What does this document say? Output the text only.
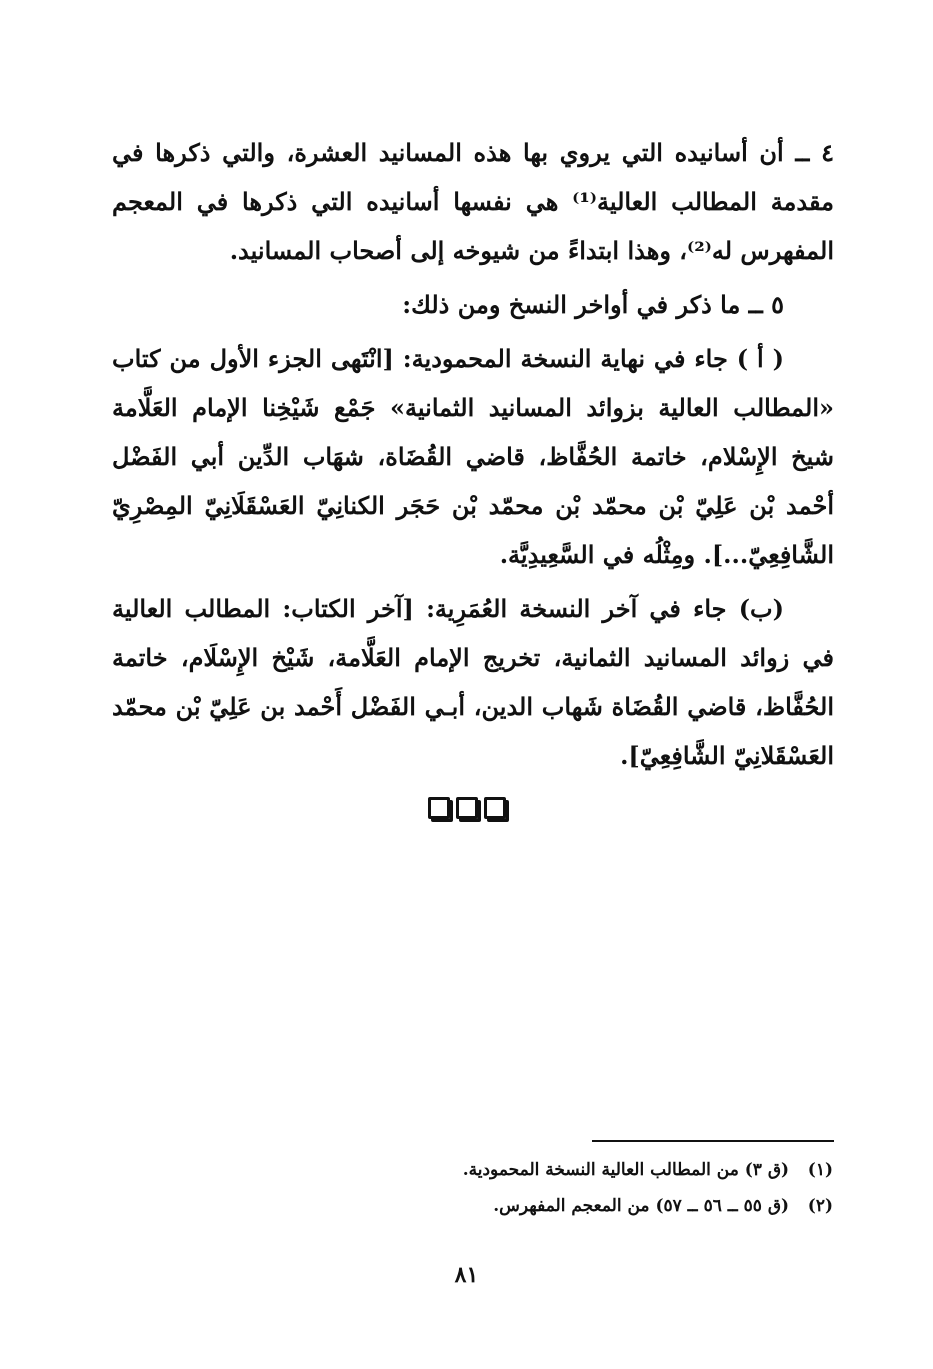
٤ ــ أن أسانيده التي يروي بها هذه المسانيد العشرة، والتي ذكرها في مقدمة المطالب العالية⁽¹⁾ هي نفسها أسانيده التي ذكرها في المعجم المفهرس له⁽²⁾، وهذا ابتداءً من شيوخه إلى أصحاب المسانيد.

٥ ــ ما ذكر في أواخر النسخ ومن ذلك:

( أ ) جاء في نهاية النسخة المحمودية: [انْتَهى الجزء الأول من كتاب «المطالب العالية بزوائد المسانيد الثمانية» جَمْع شَيْخِنا الإمام العَلَّامة شيخ الإِسْلام، خاتمة الحُفَّاظ، قاضي القُضَاة، شهَاب الدِّين أبي الفَضْل أحْمد بْن عَلِيّ بْن محمّد بْن محمّد بْن حَجَر الكنانِيّ العَسْقَلَانِيّ المِصْرِيّ الشَّافِعِيّ...]. ومِثْلُه في السَّعِيدِيَّة.

(ب) جاء في آخر النسخة العُمَرِية: [آخر الكتاب: المطالب العالية في زوائد المسانيد الثمانية، تخريج الإمام العَلَّامة، شَيْخ الإِسْلَام، خاتمة الحُفَّاظ، قاضي القُضَاة شَهاب الدين، أبـي الفَضْل أَحْمد بن عَلِيّ بْن محمّد العَسْقَلانِيّ الشَّافِعِيّ].

(١) (ق ٣) من المطالب العالية النسخة المحمودية.
(٢) (ق ٥٥ ــ ٥٦ ــ ٥٧) من المعجم المفهرس.
٨١
